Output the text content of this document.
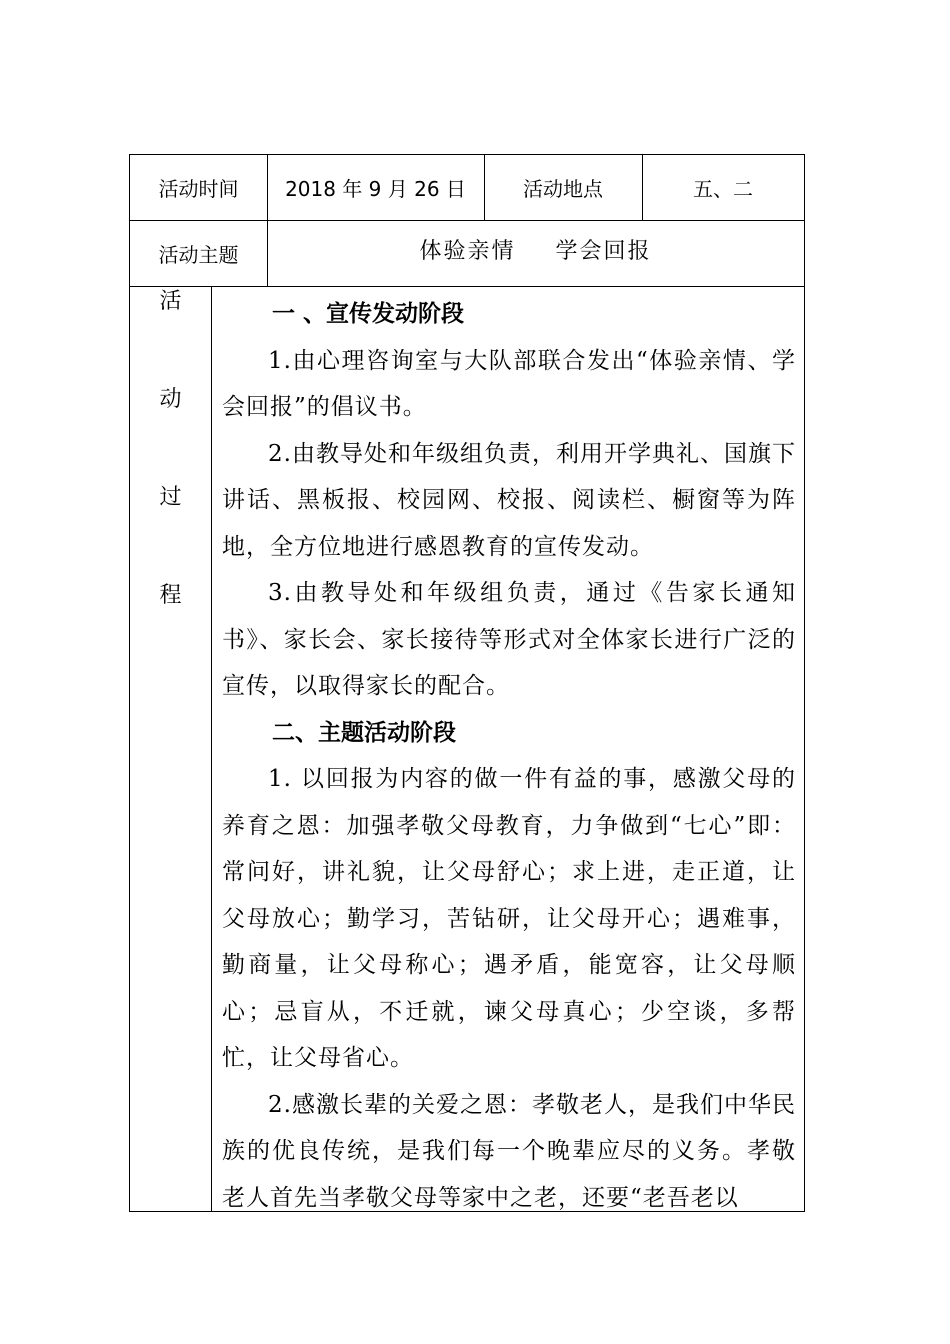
活动时间	2018 年 9 月 26 日	活动地点	五、二
活动主题	体验亲情 学会回报
活
动
过
程

一 、宣传发动阶段

1.由心理咨询室与大队部联合发出“体验亲情、学会回报”的倡议书。

2.由教导处和年级组负责，利用开学典礼、国旗下讲话、黑板报、校园网、校报、阅读栏、橱窗等为阵地，全方位地进行感恩教育的宣传发动。

3.由教导处和年级组负责，通过《告家长通知书》、家长会、家长接待等形式对全体家长进行广泛的宣传，以取得家长的配合。

二、主题活动阶段

1. 以回报为内容的做一件有益的事，感激父母的养育之恩：加强孝敬父母教育，力争做到“七心”即：常问好，讲礼貌，让父母舒心；求上进，走正道，让父母放心；勤学习，苦钻研，让父母开心；遇难事，勤商量，让父母称心；遇矛盾，能宽容，让父母顺心；忌盲从，不迁就，谏父母真心；少空谈，多帮忙，让父母省心。

2.感激长辈的关爱之恩：孝敬老人，是我们中华民族的优良传统，是我们每一个晚辈应尽的义务。孝敬老人首先当孝敬父母等家中之老，还要“老吾老以
